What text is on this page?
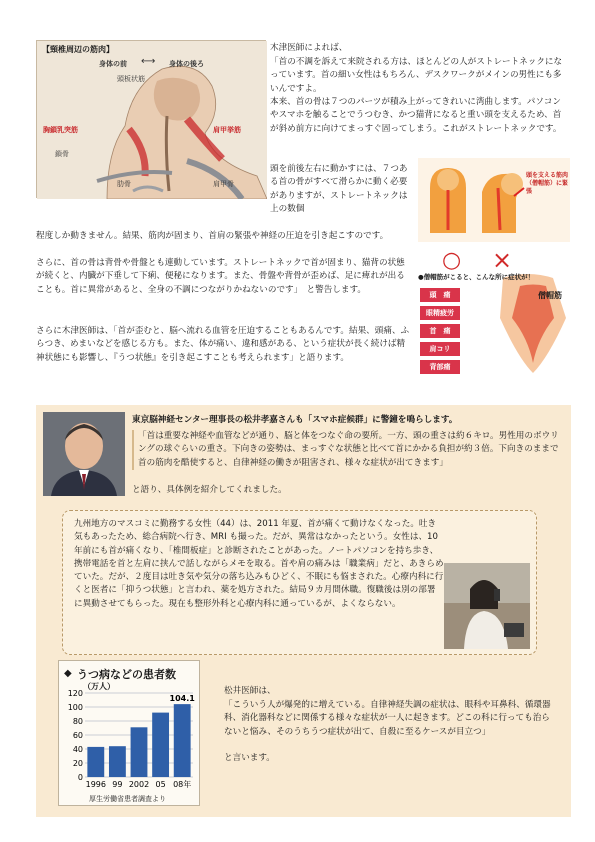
【頸椎周辺の筋肉】
身体の前 ⟷ 身体の後ろ
頭板状筋
胸鎖乳突筋	肩甲挙筋
鎖骨
肋骨	肩甲骨
木津医師によれば、
「首の不調を訴えて来院される方は、ほとんどの人がストレートネックになっています。首の細い女性はもちろん、デスクワークがメインの男性にも多いんですよ。
本来、首の骨は７つのパーツが積み上がってきれいに湾曲します。パソコンやスマホを触ることでうつむき、かつ猫背になると重い頭を支えるため、首が斜め前方に向けてまっすぐ固ってしまう。これがストレートネックです。
頭を前後左右に動かすには、７つある首の骨がすべて滑らかに動く必要がありますが、ストレートネックは上の数個
程度しか動きません。結果、筋肉が固まり、首肩の緊張や神経の圧迫を引き起こすのです。
さらに、首の骨は背骨や骨盤とも連動しています。ストレートネックで首が固まり、猫背の状態が続くと、内臓が下垂して下痢、便秘になります。また、骨盤や背骨が歪めば、足に痺れが出ることも。首に異常があると、全身の不調につながりかねないのです」　と警告します。
さらに木津医師は、「首が歪むと、脳へ流れる血管を圧迫することもあるんです。結果、頭痛、ふらつき、めまいなどを感じる方も。また、体が痛い、違和感がある、という症状が長く続けば精神状態にも影響し、『うつ状態』を引き起こすことも考えられます」と語ります。
○ ×
頭を支える筋肉（僧帽筋）に緊張
●僧帽筋がこると、こんな所に症状が！
僧帽筋
頭　痛
眼精疲労
首　痛
肩コリ
背部痛
東京脳神経センター理事長の松井孝嘉さんも「スマホ症候群」に警鐘を鳴らします。
「首は重要な神経や血管などが通り、脳と体をつなぐ命の要所。一方、頭の重さは約６キロ。男性用のボウリングの球ぐらいの重さ。下向きの姿勢は、まっすぐな状態と比べて首にかかる負担が約３倍。下向きのままで首の筋肉を酷使すると、自律神経の働きが阻害され、様々な症状が出てきます」
と語り、具体例を紹介してくれました。
九州地方のマスコミに勤務する女性（44）は、2011 年夏、首が痛くて動けなくなった。吐き気もあったため、総合病院へ行き、MRI も撮った。だが、異常はなかったという。女性は、10 年前にも首が痛くなり、「椎間板症」と診断されたことがあった。ノートパソコンを持ち歩き、携帯電話を首と左肩に挟んで話しながらメモを取る。首や肩の痛みは「職業病」だと、あきらめていた。だが、２度目は吐き気や気分の落ち込みもひどく、不眠にも悩まされた。心療内科に行くと医者に「抑うつ状態」と言われ、薬を処方された。結局９カ月間休職。復職後は別の部署に異動させてもらった。現在も整形外科と心療内科に通っているが、よくならない。
うつ病などの患者数
◆
（万人）
0
20
40
60
80
100
120
1996 99 2002 05 08年
104.1
厚生労働省患者調査より
松井医師は、
「こういう人が爆発的に増えている。自律神経失調の症状は、眼科や耳鼻科、循環器科、消化器科などに関係する様々な症状が一人に起きます。どこの科に行っても治らないと悩み、そのうちうつ症状が出て、自殺に至るケースが目立つ」
と言います。
